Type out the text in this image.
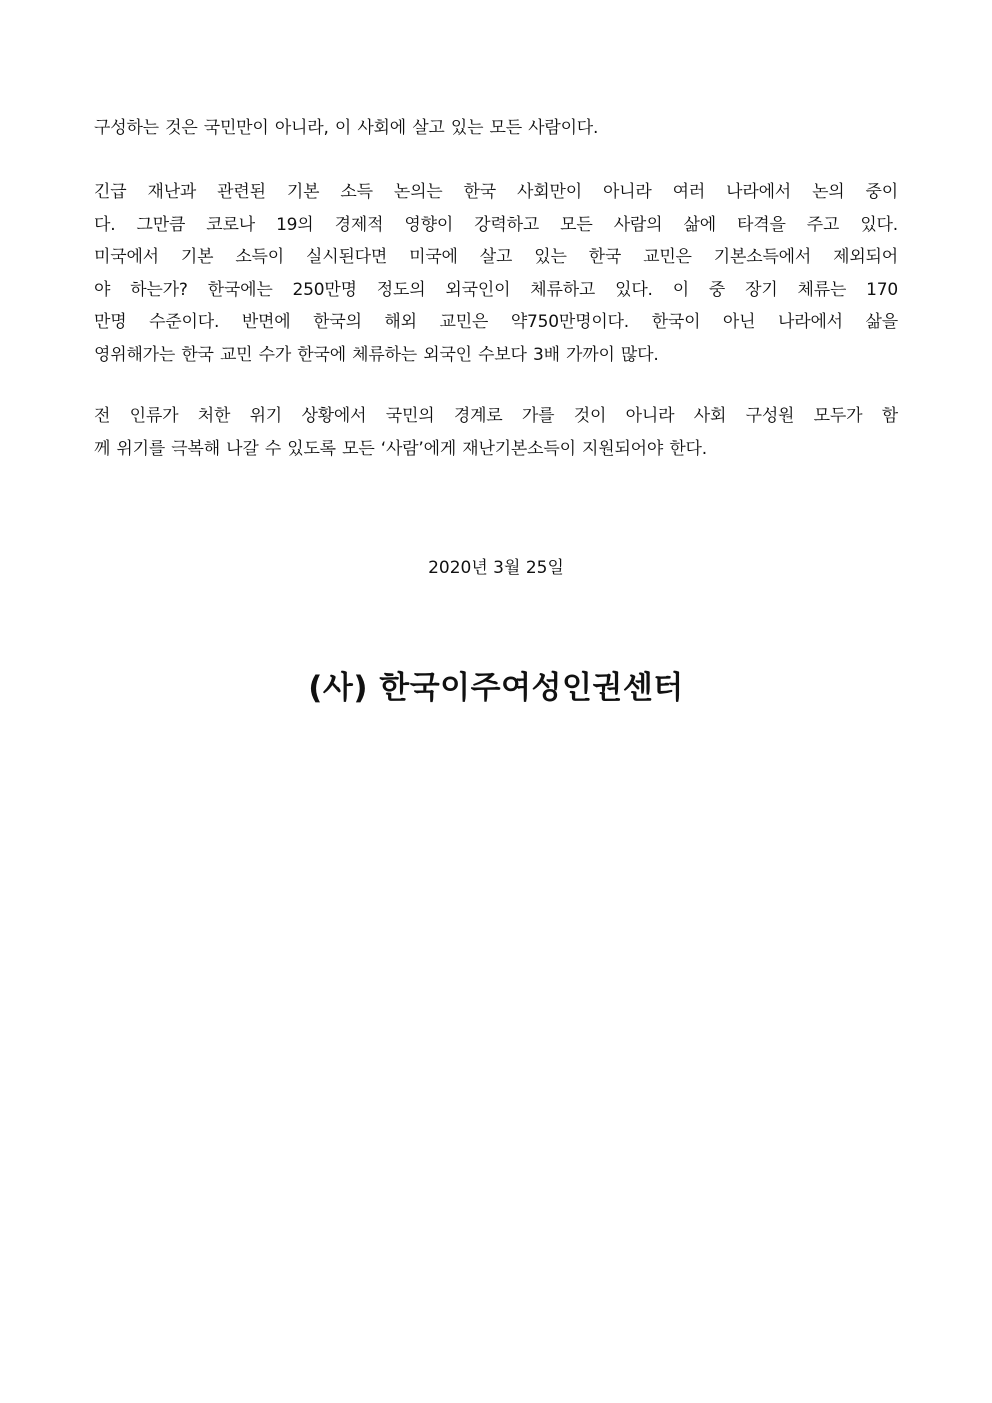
구성하는 것은 국민만이 아니라, 이 사회에 살고 있는 모든 사람이다.
긴급 재난과 관련된 기본 소득 논의는 한국 사회만이 아니라 여러 나라에서 논의 중이
다. 그만큼 코로나 19의 경제적 영향이 강력하고 모든 사람의 삶에 타격을 주고 있다.
미국에서 기본 소득이 실시된다면 미국에 살고 있는 한국 교민은 기본소득에서 제외되어
야 하는가? 한국에는 250만명 정도의 외국인이 체류하고 있다. 이 중 장기 체류는 170
만명 수준이다. 반면에 한국의 해외 교민은 약750만명이다. 한국이 아닌 나라에서 삶을
영위해가는 한국 교민 수가 한국에 체류하는 외국인 수보다 3배 가까이 많다.
전 인류가 처한 위기 상황에서 국민의 경계로 가를 것이 아니라 사회 구성원 모두가 함
께 위기를 극복해 나갈 수 있도록 모든 ‘사람’에게 재난기본소득이 지원되어야 한다.
2020년 3월 25일
(사) 한국이주여성인권센터
